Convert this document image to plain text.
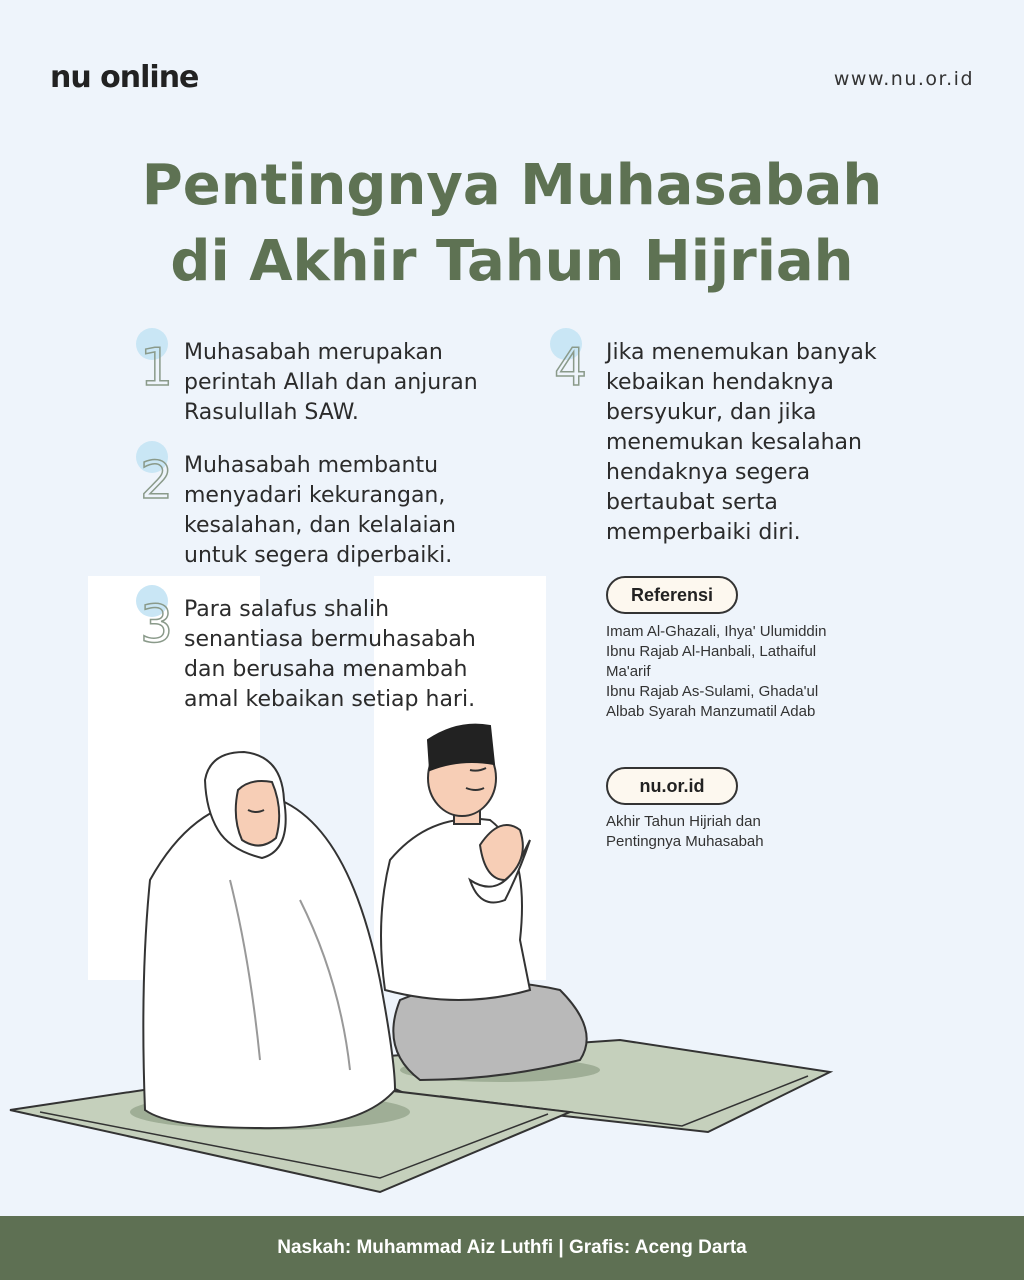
nu online	www.nu.or.id
Pentingnya Muhasabah
di Akhir Tahun Hijriah
1 Muhasabah merupakan
perintah Allah dan anjuran
Rasulullah SAW.
2 Muhasabah membantu
menyadari kekurangan,
kesalahan, dan kelalaian
untuk segera diperbaiki.
3 Para salafus shalih
senantiasa bermuhasabah
dan berusaha menambah
amal kebaikan setiap hari.
4 Jika menemukan banyak
kebaikan hendaknya
bersyukur, dan jika
menemukan kesalahan
hendaknya segera
bertaubat serta
memperbaiki diri.
Referensi
Imam Al-Ghazali, Ihya' Ulumiddin
Ibnu Rajab Al-Hanbali, Lathaiful
Ma'arif
Ibnu Rajab As-Sulami, Ghada'ul
Albab Syarah Manzumatil Adab
nu.or.id
Akhir Tahun Hijriah dan
Pentingnya Muhasabah
Naskah: Muhammad Aiz Luthfi | Grafis: Aceng Darta
